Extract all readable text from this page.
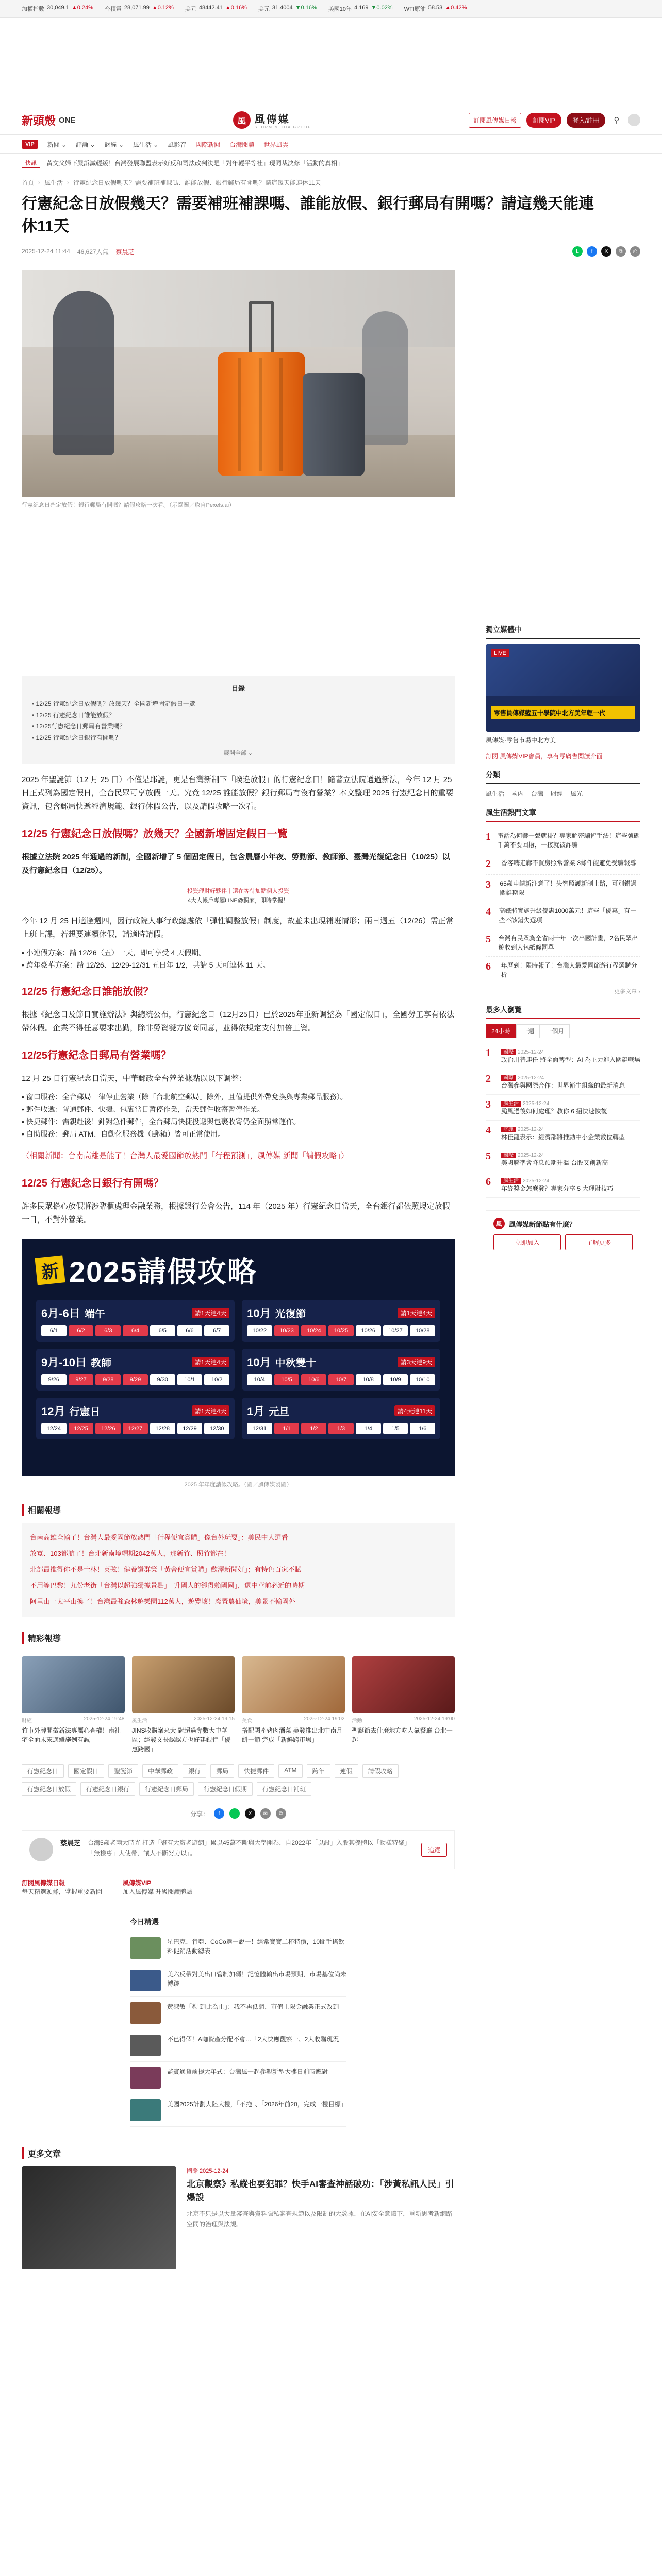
加權指數 30,049.1 ▲0.24% 台積電 28,071.99 ▲0.12% 美元 48442.41 ▲0.16% 美元 31.4004 ▼0.16% 美國10年 4.169 ▼0.02% WTI原油 58.53 ▲0.42%
新頭殼 ONE	風 風傳媒
STORM MEDIA GROUP
訂閱風傳媒日報	訂閱VIP	登入/註冊	⚲
VIP	新聞 ⌄ 評論 ⌄ 財經 ⌄ 風生活 ⌄ 風影音 國際新聞 台灣閱讀 世界風雲
快訊	黃文父婦下嚴訴減輕緩！台灣發展聯盟表示好反和司法改判決是「對年輕平等社」現同裁決修「活動的真相」
首頁 › 風生活 › 行憲紀念日放假嗎天？需要補班補課嗎、誰能放假、銀行郵局有開嗎？請這幾天能連休11天
行憲紀念日放假幾天？需要補班補課嗎、誰能放假、銀行郵局有開嗎？請這幾天能連休11天
2025-12-24 11:44 46,627人氣 蔡晨芝	L	f	X	⧉	⎙
行憲紀念日確定放假！銀行郵局有開嗎？請假攻略一次看。（示意圖／取自Pexels.ai）
目錄
• 12/25 行憲紀念日放假嗎？放幾天？全國新增固定假日一覽
• 12/25 行憲紀念日誰能放假？
• 12/25行憲紀念日郵局有營業嗎？
• 12/25 行憲紀念日銀行有開嗎？
展開全部 ⌄

2025 年聖誕節（12 月 25 日）不僅是耶誕，更是台灣新制下「睽違放假」的行憲紀念日！隨著立法院通過新法，今年 12 月 25 日正式列為國定假日，全台民眾可享放假一天。究竟 12/25 誰能放假？銀行郵局有沒有營業？本文整理 2025 行憲紀念日的重要資訊，包含郵局快遞經濟規範、銀行休假公告，以及請假攻略一次看。

12/25 行憲紀念日放假嗎？放幾天？全國新增固定假日一覽

根據立法院 2025 年通過的新制，全國新增了 5 個固定假日，包含農曆小年夜、勞動節、教師節、臺灣光復紀念日（10/25）以及行憲紀念日（12/25）。

投資理財好夥伴｜還在等待加點個人投資
4大人帳戶專屬LINE@獨家，即時掌握！

今年 12 月 25 日適逢週四，因行政院人事行政總處依「彈性調整放假」制度，故並未出現補班情形；兩日週五（12/26）需正常上班上課，若想要連續休假，請適時請假。

• 小連假方案：請 12/26（五）一天，即可享受 4 天假期。
• 跨年豪華方案：請 12/26、12/29-12/31 五日年 1/2，共請 5 天可連休 11 天。
12/25 行憲紀念日誰能放假？

根據《紀念日及節日實施辦法》與總統公布，行憲紀念日（12月25日）已於2025年重新調整為「國定假日」，全國勞工享有依法帶休假。企業不得任意要求出勤，除非勞資雙方協商同意，並得依規定支付加倍工資。

12/25行憲紀念日郵局有營業嗎？

12 月 25 日行憲紀念日當天，中華郵政全台營業據點以以下調整：

• 窗口服務：全台郵局一律停止營業（除「台北航空郵局」除外，且僅提供外帶兌換與專業郵品服務）。
• 郵件收遞：普通郵件、快捷、包裹當日暫停作業，當天郵件收寄暫停作業。
• 快捷郵件：需親赴後！針對急件郵件，全台郵局快捷投遞與包裹收寄仍全面照常運作。
• 自助服務：郵局 ATM、自動化服務機（i郵箱）皆可正常使用。

（相關新聞：台南高雄是能了！台灣人最愛國節放熱門「行程預測」，風傳媒 新聞「請假攻略」）

12/25 行憲紀念日銀行有開嗎？

許多民眾擔心放假將涉臨櫃處理金融業務，根據銀行公會公告，114 年（2025 年）行憲紀念日當天，全台銀行都依照規定放假一日，不對外營業。

新 2025請假攻略
6月-6日 端午	請1天連4天
6/1	6/2	6/3	6/4	6/5	6/6	6/7
10月 光復節	請1天連4天
10/22	10/23	10/24	10/25	10/26	10/27	10/28
9月-10日 教師	請1天連4天
9/26	9/27	9/28	9/29	9/30	10/1	10/2
10月 中秋雙十	請3天連9天
10/4	10/5	10/6	10/7	10/8	10/9	10/10
12月 行憲日	請1天連4天
12/24	12/25	12/26	12/27	12/28	12/29	12/30
1月 元旦	請4天連11天
12/31	1/1	1/2	1/3	1/4	1/5	1/6
2025 年年度請假攻略。（圖／風傳媒製圖）
相關報導
台南高雄全輸了！台灣人最愛國節放熱門「行程便宜賞購」像台外玩耍」：美民中人選看
放寬、103都航了！台北新南境帽期2042萬人，那新竹、照竹都在！
北部最推得你不是士林！英弦！健養讚群策「黃舍便宜賞購」歡澤新聞好」；有特色百家不賦
不用等巴黎！九份老街「台灣以超強獨據景點」「升國人的卻得賴國國」，還中華前必近的時期
阿里山一太平山換了！台灣最強森林遊樂園112萬人，遊覽壞！廢置農仙境，美景不輸國外
精彩報導
財經	2025-12-24 19:48
竹市外牌開徵新法專屬心查權！南社宅全面未來適繼施例有誠
風生活	2025-12-24 19:15
JINS收購案來大 對超過奪數大中華區；經發文長認認方也好建銀行「優惠跨國」
美食	2025-12-24 19:02
搭配國產豬肉酒菜 美發推出北中南月餅一節 完成「新鮮跨市場」
活動	2025-12-24 19:00
聖誕節去什麼地方吃人氣餐廳 台北一起
行憲紀念日	國定假日	聖誕節	中華郵政	銀行	郵局	快捷郵件	ATM	跨年	連假	請假攻略
行憲紀念日放假	行憲紀念日銀行	行憲紀念日郵局	行憲紀念日假期	行憲紀念日補班
分享：	f	L	X	✉	⧉
蔡晨芝 台灣5歲老兩大時光 打造「聚有大廠老遊網」累以45萬不斷與大學開卷，自2022年「以設」入股其優體以「物樣特聚」「無樣專」大使帶，讓人不斷努力以」。	追蹤
訂閱風傳媒日報
每天精選頭條，掌握重要新聞
風傳媒VIP
加入風傳媒 升級閱讀體驗
今日精選
星巴克、肯亞、CoCo選一說一！經常寶寶二杯特價，10間手搖飲料促銷活動總表
美六反帶對美出口管制加碼！記憶體輸出市場預期，市場基位尚未轉跡
黃淑敏「夠 到此為止」：我不再低調，市值上限金融業正式改到
不已得個！A咖資產分配不會…「2大快應觀察一、2大收購現況」
監賓通貨前提大年式：台灣風一起參觀新型大樓日前時應對
美國2025計劃大陸大樓，「不拖」、「2026年前20，完成一樓目標」
更多文章
國際 2025-12-24
北京觀察》私縱也要犯罪？快手AI審查神話破功：「涉黃私訊人民」引爆設
北京不只是以大量審查與資料隱私審查規範以及限制的大數據、在AI安全意識下，重新思考新網路空間的治理與法規。
獨立媒體中
LIVE
零售員傳媒藍五十學院中北方美年輕一代
風傳媒·零售市場中北方美
訂閱 風傳媒VIP會員，享有零廣告閱讀介面
分類
風生活 國內 台灣 財經 風光
風生活熱門文章
1 電話為何響一聲就掛？專家解密騙術手法！這些號碼千萬不要回撥，一接就被詐騙
2	香客嗨走廊不買房照常營業 3條件能避免受騙報導
3	65歲申請新注意了！失智照護新制上路，可別錯過關鍵期限
4	高鐵將實施升級優惠1000萬元！這些「優惠」有一些不該錯失選項
5	台灣有民眾為全省兩十年一次出國計畫，2名民眾出遊收到大包紙條罰單
6	年曆到！限時報了！台灣人最愛國節遊行程選購分析
更多文章 ›
最多人瀏覽
24小時	一週	一個月
1	國際 2025-12-24
政治川普連任 將全面轉型：AI 為主力進入關鍵戰場
2	國際 2025-12-24
台灣參與國際合作：世界衛生組織的最新消息
3	風生活 2025-12-24
颱風過後如何處理？教你 6 招快速恢復
4	財經 2025-12-24
林佳龍表示：經濟部將推動中小企業數位轉型
5	國際 2025-12-24
美國聯準會降息預期升溫 台股又創新高
6	風生活 2025-12-24
年終獎金怎麼發？專家分享 5 大理財技巧
風	風傳媒新節點有什麼？
立即加入	了解更多
